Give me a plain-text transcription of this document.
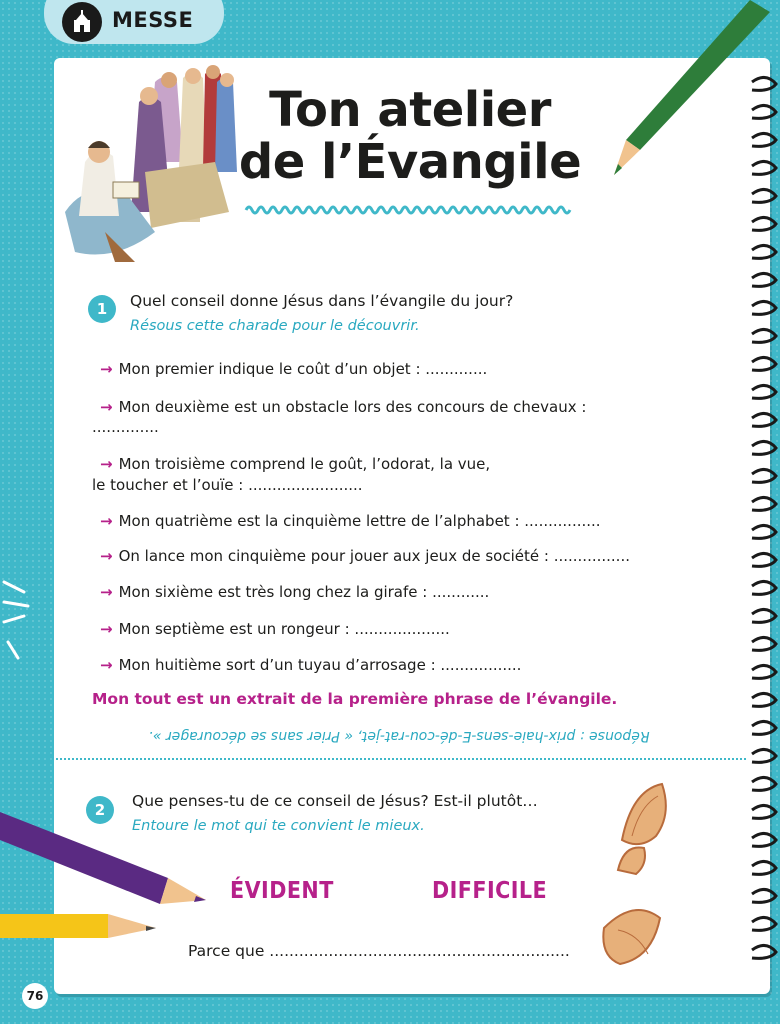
MESSE
Ton atelier
de l’Évangile
1	Quel conseil donne Jésus dans l’évangile du jour?
Résous cette charade pour le découvrir.
→ Mon premier indique le coût d’un objet : .............
→ Mon deuxième est un obstacle lors des concours de chevaux :
..............
→ Mon troisième comprend le goût, l’odorat, la vue,
le toucher et l’ouïe : ........................
→ Mon quatrième est la cinquième lettre de l’alphabet : ................
→ On lance mon cinquième pour jouer aux jeux de société : ................
→ Mon sixième est très long chez la girafe : ............
→ Mon septième est un rongeur : ....................
→ Mon huitième sort d’un tuyau d’arrosage : .................
Mon tout est un extrait de la première phrase de l’évangile.
Réponse : prix-haie-sens-E-dé-cou-rat-jet, « Prier sans se décourager ».
2	Que penses-tu de ce conseil de Jésus? Est-il plutôt…
Entoure le mot qui te convient le mieux.
ÉVIDENT	DIFFICILE
Parce que .............................................................
76
